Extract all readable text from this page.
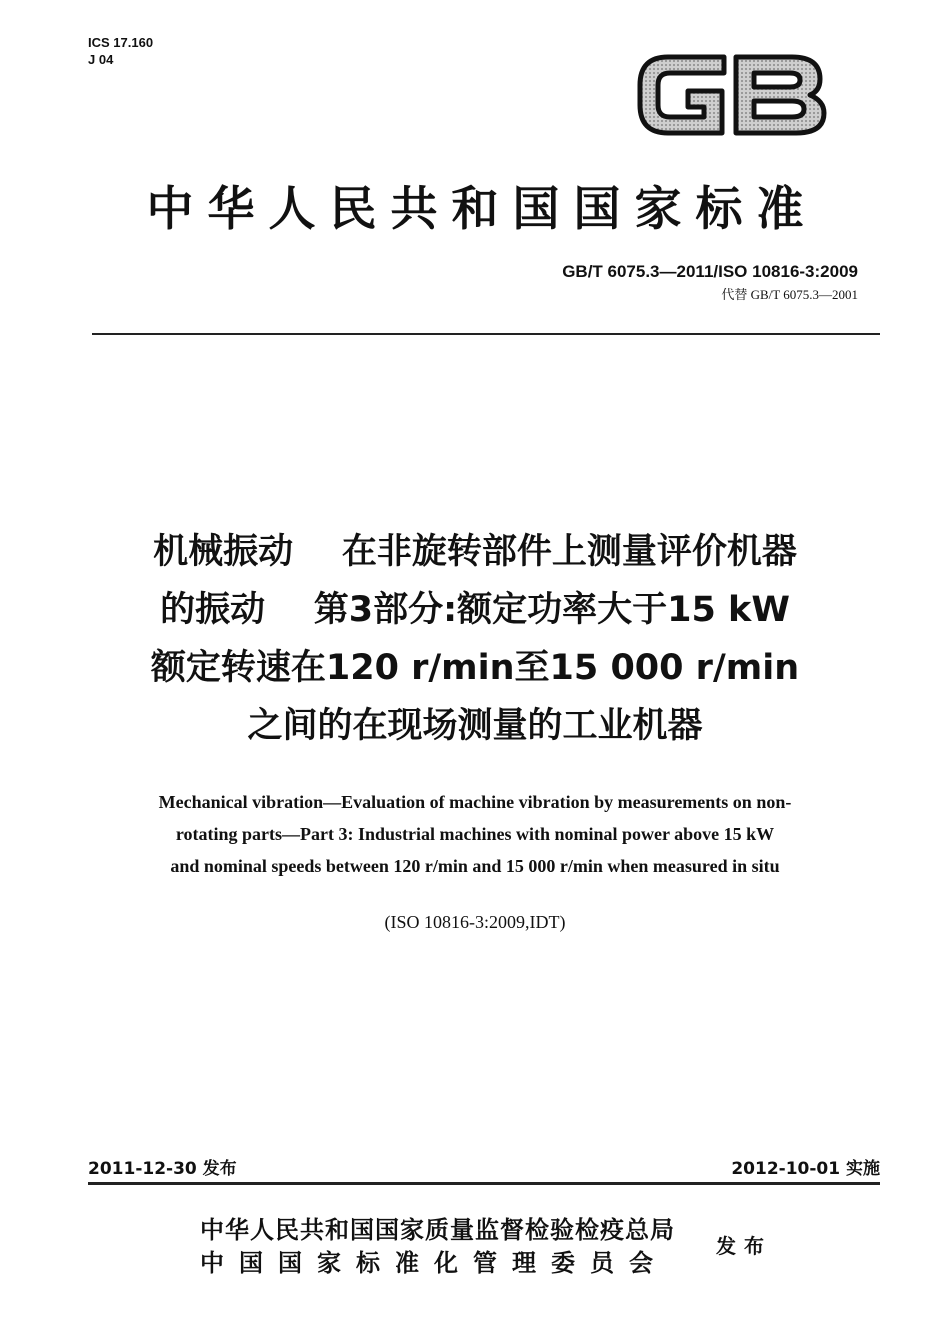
ICS 17.160
J 04
中华人民共和国国家标准
GB/T 6075.3—2011/ISO 10816-3:2009
代替 GB/T 6075.3—2001
机械振动    在非旋转部件上测量评价机器
的振动    第3部分:额定功率大于15 kW
额定转速在120 r/min至15 000 r/min
之间的在现场测量的工业机器
Mechanical vibration—Evaluation of machine vibration by measurements on non-
rotating parts—Part 3: Industrial machines with nominal power above 15 kW
and nominal speeds between 120 r/min and 15 000 r/min when measured in situ
(ISO 10816-3:2009,IDT)
2011-12-30 发布	2012-10-01 实施
中华人民共和国国家质量监督检验检疫总局
中国国家标准化管理委员会
发布
